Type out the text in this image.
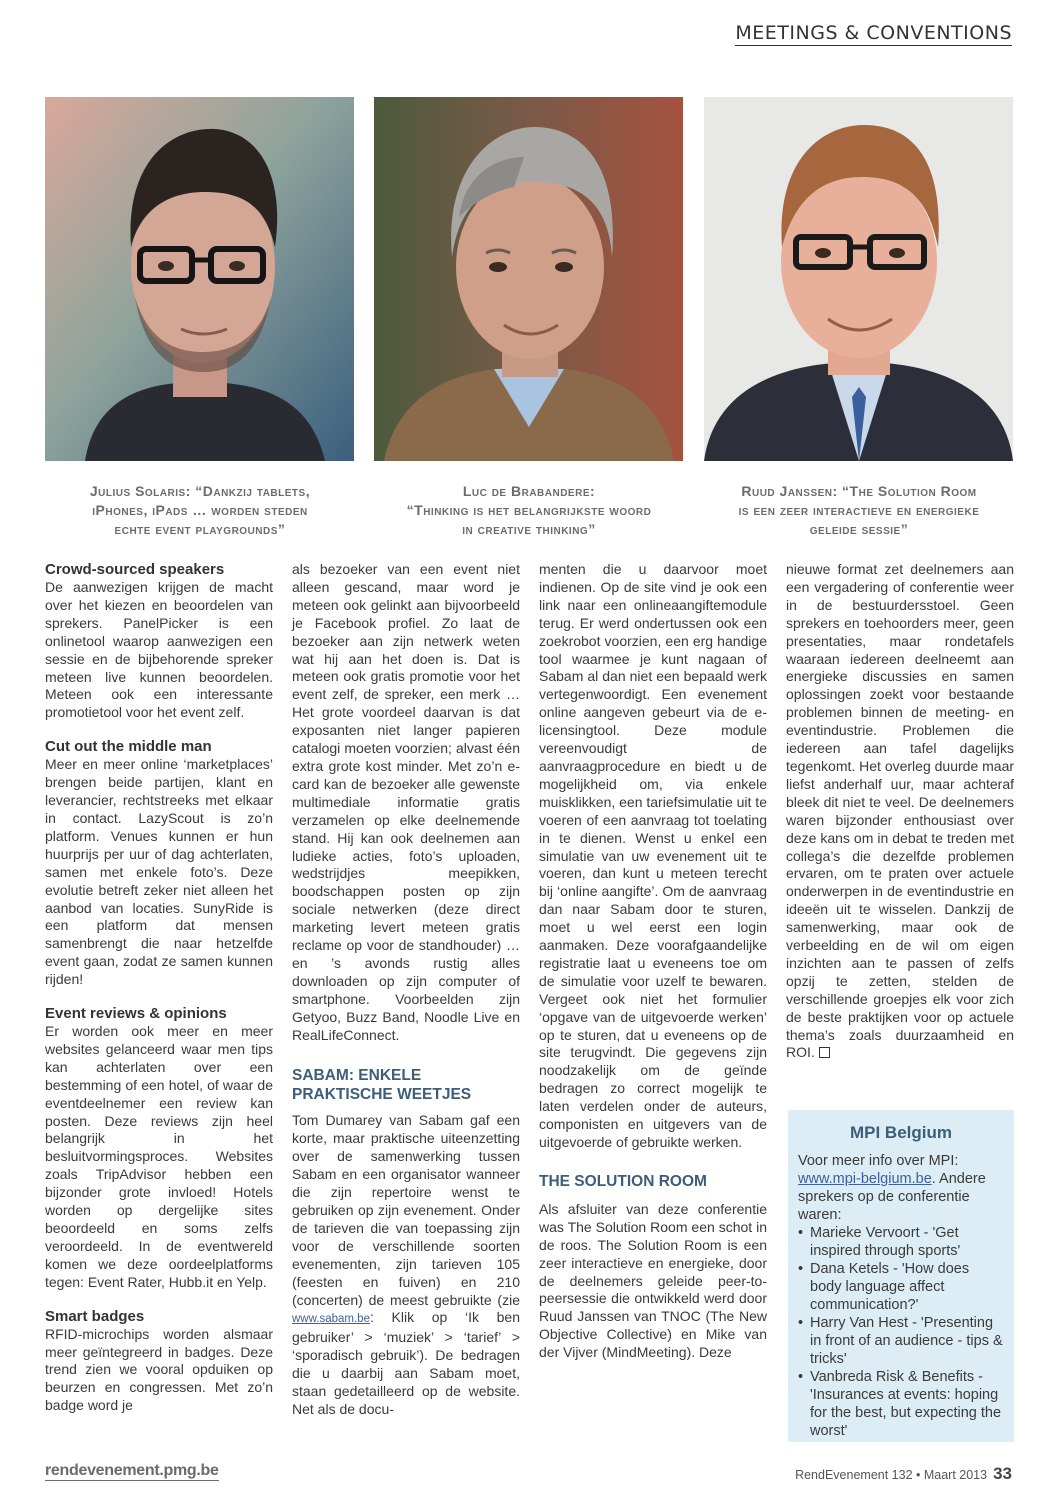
MEETINGS & CONVENTIONS
Julius Solaris: “Dankzij tablets,
iPhones, iPads … worden steden
echte event playgrounds”
Luc de Brabandere:
“Thinking is het belangrijkste woord
in creative thinking”
Ruud Janssen: “The Solution Room
is een zeer interactieve en energieke
geleide sessie”
Crowd-sourced speakers

De aanwezigen krijgen de macht over het kiezen en beoordelen van sprekers. PanelPicker is een onlinetool waarop aanwezigen een sessie en de bijbehorende spreker meteen live kunnen beoordelen. Meteen ook een interessante promotietool voor het event zelf.

Cut out the middle man

Meer en meer online ‘marketplaces’ brengen beide partijen, klant en leverancier, rechtstreeks met elkaar in contact. LazyScout is zo’n platform. Venues kunnen er hun huurprijs per uur of dag achterlaten, samen met enkele foto’s. Deze evolutie betreft zeker niet alleen het aanbod van locaties. SunyRide is een platform dat mensen samenbrengt die naar hetzelfde event gaan, zodat ze samen kunnen rijden!

Event reviews & opinions

Er worden ook meer en meer websites gelanceerd waar men tips kan achterlaten over een bestemming of een hotel, of waar de eventdeelnemer een review kan posten. Deze reviews zijn heel belangrijk in het besluitvormingsproces. Websites zoals TripAdvisor hebben een bijzonder grote invloed! Hotels worden op dergelijke sites beoordeeld en soms zelfs veroordeeld. In de eventwereld komen we deze oordeelplatforms tegen: Event Rater, Hubb.it en Yelp.

Smart badges

RFID-microchips worden alsmaar meer geïntegreerd in badges. Deze trend zien we vooral opduiken op beurzen en congressen. Met zo’n badge word je

als bezoeker van een event niet alleen gescand, maar word je meteen ook gelinkt aan bijvoorbeeld je Facebook profiel. Zo laat de bezoeker aan zijn netwerk weten wat hij aan het doen is. Dat is meteen ook gratis promotie voor het event zelf, de spreker, een merk … Het grote voordeel daarvan is dat exposanten niet langer papieren catalogi moeten voorzien; alvast één extra grote kost minder. Met zo’n e-card kan de bezoeker alle gewenste multimediale informatie gratis verzamelen op elke deelnemende stand. Hij kan ook deelnemen aan ludieke acties, foto’s uploaden, wedstrijdjes meepikken, boodschappen posten op zijn sociale netwerken (deze direct marketing levert meteen gratis reclame op voor de standhouder) … en ’s avonds rustig alles downloaden op zijn computer of smartphone. Voorbeelden zijn Getyoo, Buzz Band, Noodle Live en RealLifeConnect.

SABAM: ENKELE
PRAKTISCHE WEETJES

Tom Dumarey van Sabam gaf een korte, maar praktische uiteenzetting over de samenwerking tussen Sabam en een organisator wanneer die zijn repertoire wenst te gebruiken op zijn evenement. Onder de tarieven die van toepassing zijn voor de verschillende soorten evenementen, zijn tarieven 105 (feesten en fuiven) en 210 (concerten) de meest gebruikte (zie www.sabam.be: Klik op ‘Ik ben gebruiker’ > ‘muziek’ > ‘tarief’ > ‘sporadisch gebruik’). De bedragen die u daarbij aan Sabam moet, staan gedetailleerd op de website. Net als de docu-

menten die u daarvoor moet indienen. Op de site vind je ook een link naar een onlineaangiftemodule terug. Er werd ondertussen ook een zoekrobot voorzien, een erg handige tool waarmee je kunt nagaan of Sabam al dan niet een bepaald werk vertegenwoordigt. Een evenement online aangeven gebeurt via de e-licensingtool. Deze module vereenvoudigt de aanvraagprocedure en biedt u de mogelijkheid om, via enkele muisklikken, een tariefsimulatie uit te voeren of een aanvraag tot toelating in te dienen. Wenst u enkel een simulatie van uw evenement uit te voeren, dan kunt u meteen terecht bij ‘online aangifte’. Om de aanvraag dan naar Sabam door te sturen, moet u wel eerst een login aanmaken. Deze voorafgaandelijke registratie laat u eveneens toe om de simulatie voor uzelf te bewaren. Vergeet ook niet het formulier ‘opgave van de uitgevoerde werken’ op te sturen, dat u eveneens op de site terugvindt. Die gegevens zijn noodzakelijk om de geïnde bedragen zo correct mogelijk te laten verdelen onder de auteurs, componisten en uitgevers van de uitgevoerde of gebruikte werken.

THE SOLUTION ROOM

Als afsluiter van deze conferentie was The Solution Room een schot in de roos. The Solution Room is een zeer interactieve en energieke, door de deelnemers geleide peer-to-peersessie die ontwikkeld werd door Ruud Janssen van TNOC (The New Objective Collective) en Mike van der Vijver (MindMeeting). Deze

nieuwe format zet deelnemers aan een vergadering of conferentie weer in de bestuurdersstoel. Geen sprekers en toehoorders meer, geen presentaties, maar rondetafels waaraan iedereen deelneemt aan energieke discussies en samen oplossingen zoekt voor bestaande problemen binnen de meeting- en eventindustrie. Problemen die iedereen aan tafel dagelijks tegenkomt. Het overleg duurde maar liefst anderhalf uur, maar achteraf bleek dit niet te veel. De deelnemers waren bijzonder enthousiast over deze kans om in debat te treden met collega’s die dezelfde problemen ervaren, om te praten over actuele onderwerpen in de eventindustrie en ideeën uit te wisselen. Dankzij de samenwerking, maar ook de verbeelding en de wil om eigen inzichten aan te passen of zelfs opzij te zetten, stelden de verschillende groepjes elk voor zich de beste praktijken voor op actuele thema’s zoals duurzaamheid en ROI.

MPI Belgium
Voor meer info over MPI:
www.mpi-belgium.be. Andere sprekers op de conferentie waren:
• Marieke Vervoort - 'Get inspired through sports'
• Dana Ketels - 'How does body language affect communication?'
• Harry Van Hest - 'Presenting in front of an audience - tips & tricks'
• Vanbreda Risk & Benefits - 'Insurances at events: hoping for the best, but expecting the worst'
rendevenement.pmg.be	RendEvenement 132 • Maart 2013 33
